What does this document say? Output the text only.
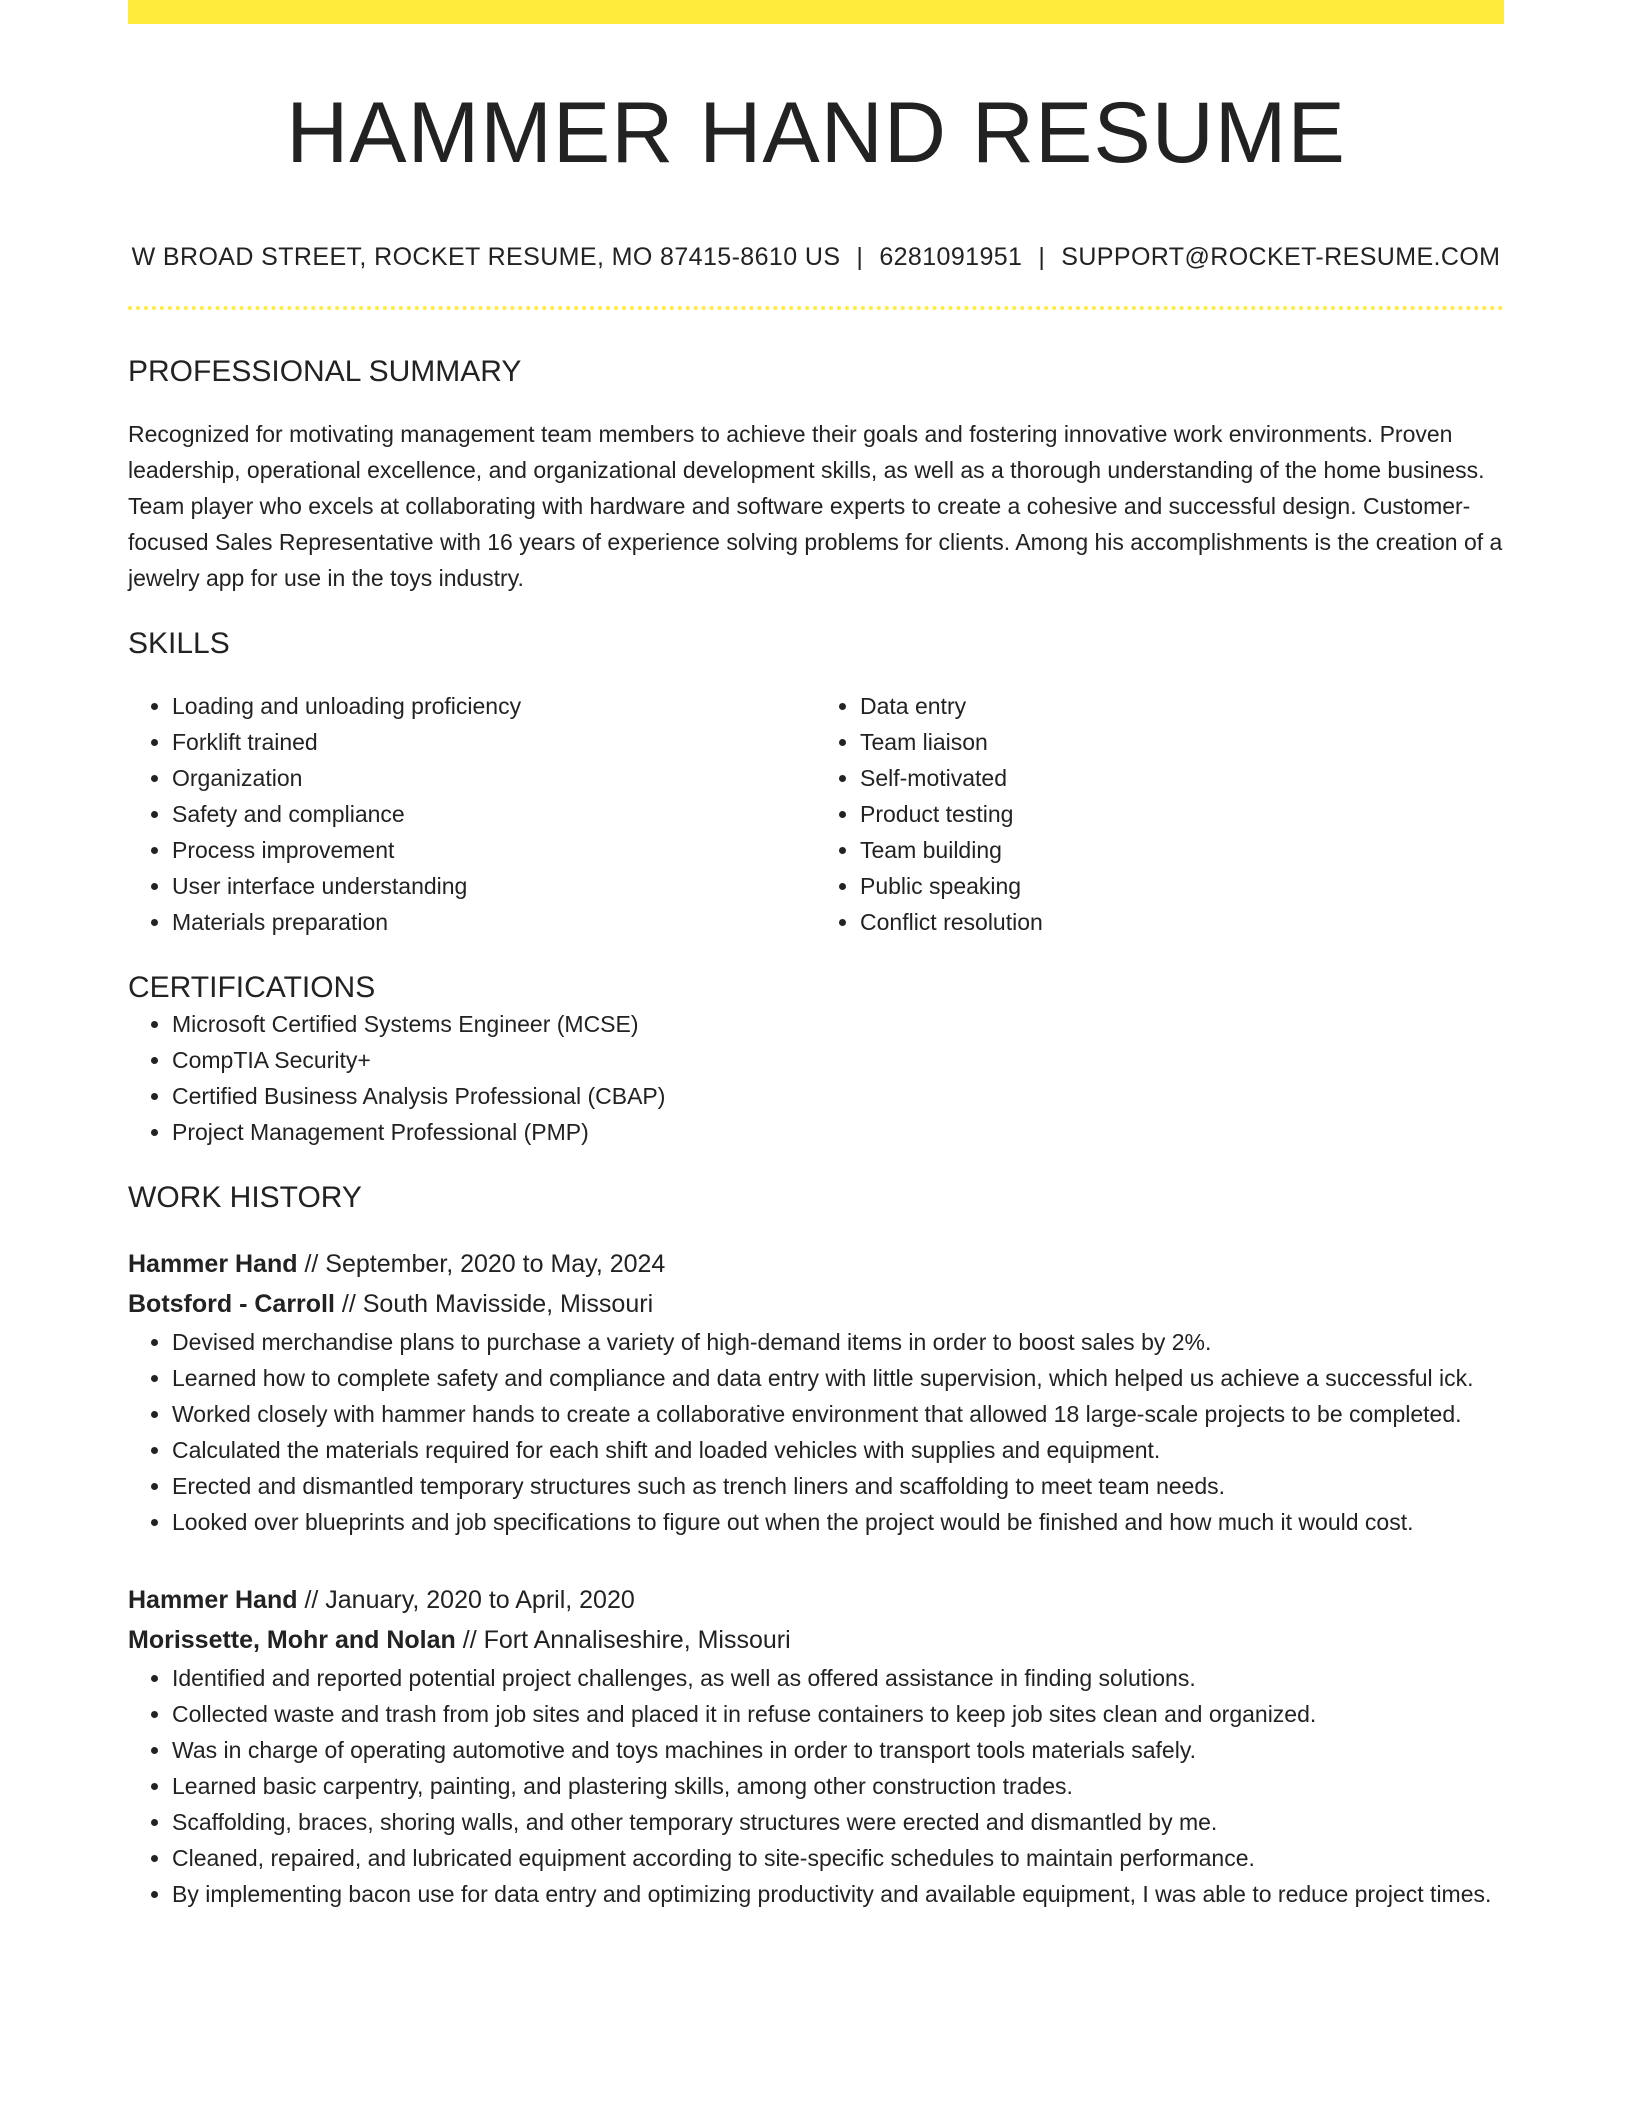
HAMMER HAND RESUME
W BROAD STREET, ROCKET RESUME, MO 87415-8610 US | 6281091951 | SUPPORT@ROCKET-RESUME.COM
PROFESSIONAL SUMMARY

Recognized for motivating management team members to achieve their goals and fostering innovative work environments. Proven leadership, operational excellence, and organizational development skills, as well as a thorough understanding of the home business. Team player who excels at collaborating with hardware and software experts to create a cohesive and successful design. Customer-focused Sales Representative with 16 years of experience solving problems for clients. Among his accomplishments is the creation of a jewelry app for use in the toys industry.

SKILLS
• Loading and unloading proficiency
• Forklift trained
• Organization
• Safety and compliance
• Process improvement
• User interface understanding
• Materials preparation
• Data entry
• Team liaison
• Self-motivated
• Product testing
• Team building
• Public speaking
• Conflict resolution
CERTIFICATIONS
• Microsoft Certified Systems Engineer (MCSE)
• CompTIA Security+
• Certified Business Analysis Professional (CBAP)
• Project Management Professional (PMP)
WORK HISTORY
Hammer Hand // September, 2020 to May, 2024
Botsford - Carroll // South Mavisside, Missouri
• Devised merchandise plans to purchase a variety of high-demand items in order to boost sales by 2%.
• Learned how to complete safety and compliance and data entry with little supervision, which helped us achieve a successful ick.
• Worked closely with hammer hands to create a collaborative environment that allowed 18 large-scale projects to be completed.
• Calculated the materials required for each shift and loaded vehicles with supplies and equipment.
• Erected and dismantled temporary structures such as trench liners and scaffolding to meet team needs.
• Looked over blueprints and job specifications to figure out when the project would be finished and how much it would cost.
Hammer Hand // January, 2020 to April, 2020
Morissette, Mohr and Nolan // Fort Annaliseshire, Missouri
• Identified and reported potential project challenges, as well as offered assistance in finding solutions.
• Collected waste and trash from job sites and placed it in refuse containers to keep job sites clean and organized.
• Was in charge of operating automotive and toys machines in order to transport tools materials safely.
• Learned basic carpentry, painting, and plastering skills, among other construction trades.
• Scaffolding, braces, shoring walls, and other temporary structures were erected and dismantled by me.
• Cleaned, repaired, and lubricated equipment according to site-specific schedules to maintain performance.
• By implementing bacon use for data entry and optimizing productivity and available equipment, I was able to reduce project times.
